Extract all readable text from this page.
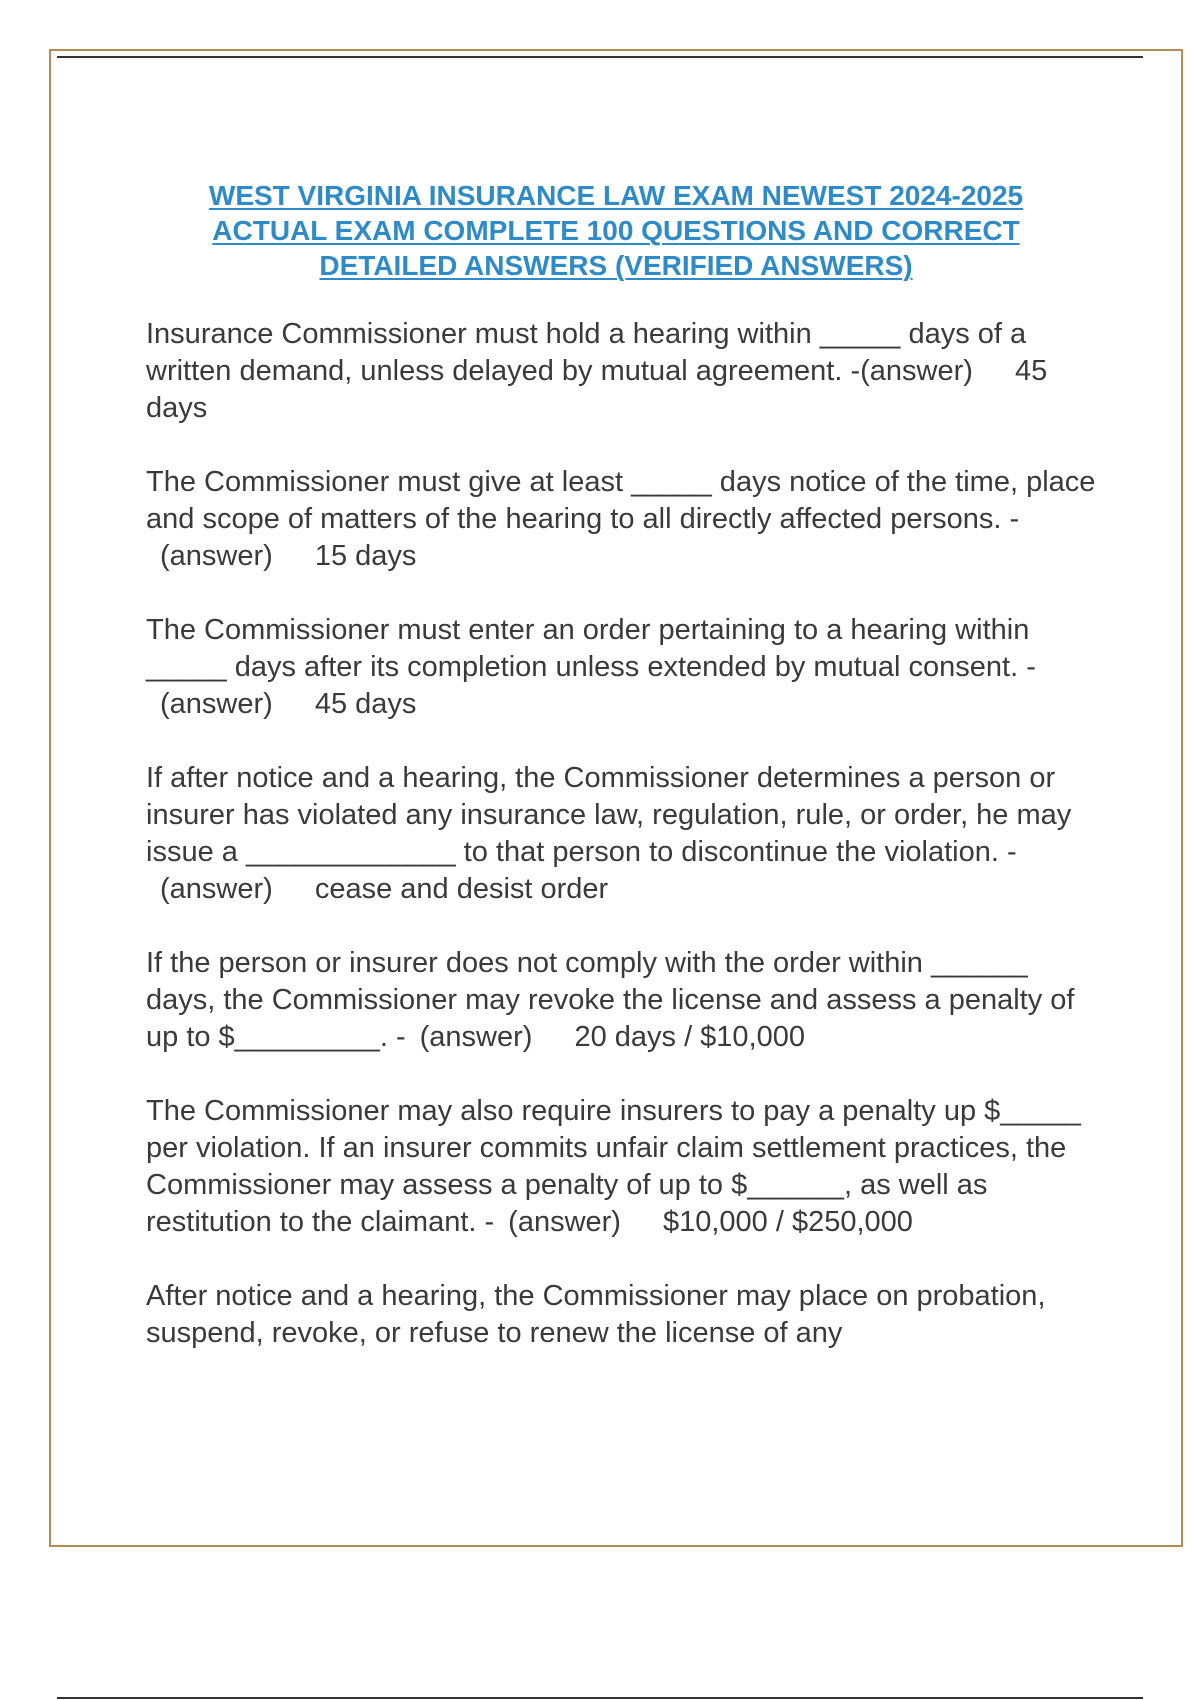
WEST VIRGINIA INSURANCE LAW EXAM NEWEST 2024-2025
ACTUAL EXAM COMPLETE 100 QUESTIONS AND CORRECT
DETAILED ANSWERS (VERIFIED ANSWERS)

Insurance Commissioner must hold a hearing within _____ days of a written demand, unless delayed by mutual agreement. -(answer) 45 days

The Commissioner must give at least _____ days notice of the time, place and scope of matters of the hearing to all directly affected persons. -(answer) 15 days

The Commissioner must enter an order pertaining to a hearing within _____ days after its completion unless extended by mutual consent. -(answer) 45 days

If after notice and a hearing, the Commissioner determines a person or insurer has violated any insurance law, regulation, rule, or order, he may issue a _____________ to that person to discontinue the violation. -(answer) cease and desist order

If the person or insurer does not comply with the order within ______ days, the Commissioner may revoke the license and assess a penalty of up to $_________. - (answer) 20 days / $10,000

The Commissioner may also require insurers to pay a penalty up $_____ per violation. If an insurer commits unfair claim settlement practices, the Commissioner may assess a penalty of up to $______, as well as restitution to the claimant. - (answer) $10,000 / $250,000

After notice and a hearing, the Commissioner may place on probation, suspend, revoke, or refuse to renew the license of any
